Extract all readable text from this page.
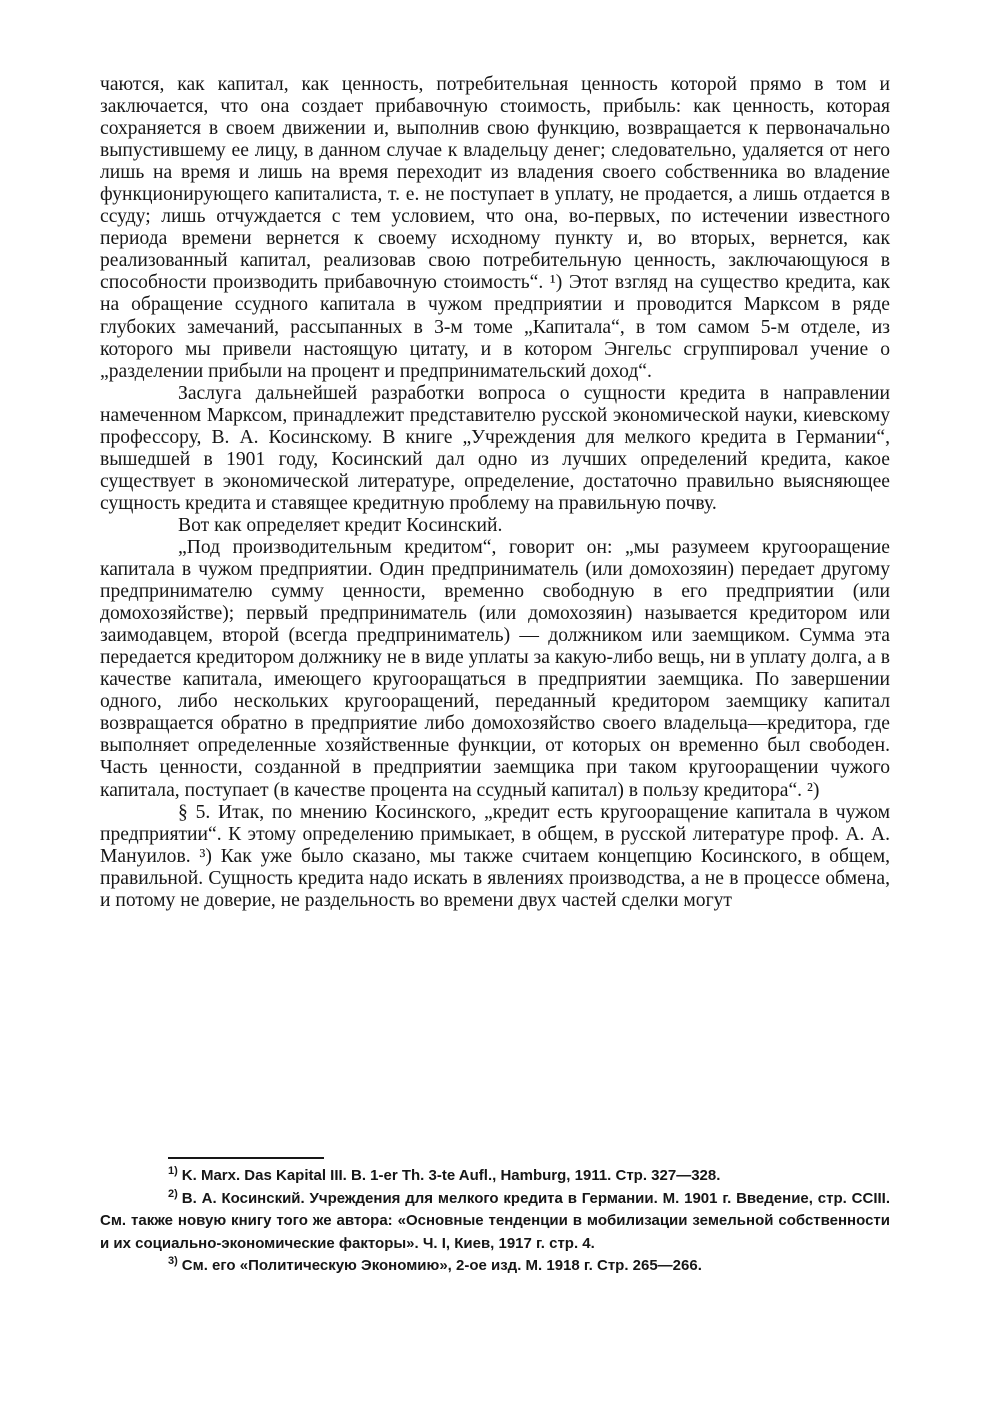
чаются, как капитал, как ценность, потребительная ценность которой прямо в том и заключается, что она создает прибавочную стоимость, прибыль: как ценность, которая сохраняется в своем движении и, выполнив свою функцию, возвращается к первоначально выпустившему ее лицу, в данном случае к владельцу денег; следовательно, удаляется от него лишь на время и лишь на время переходит из владения своего собственника во владение функционирующего капиталиста, т. е. не поступает в уплату, не продается, а лишь отдается в ссуду; лишь отчуждается с тем условием, что она, во-первых, по истечении известного периода времени вернется к своему исходному пункту и, во вторых, вернется, как реализованный капитал, реализовав свою потребительную ценность, заключающуюся в способности производить прибавочную стоимость“. ¹) Этот взгляд на существо кредита, как на обращение ссудного капитала в чужом предприятии и проводится Марксом в ряде глубоких замечаний, рассыпанных в 3-м томе „Капитала“, в том самом 5-м отделе, из которого мы привели настоящую цитату, и в котором Энгельс сгруппировал учение о „разделении прибыли на процент и предпринимательский доход“.

Заслуга дальнейшей разработки вопроса о сущности кредита в направлении намеченном Марксом, принадлежит представителю русской экономической науки, киевскому профессору, В. А. Косинскому. В книге „Учреждения для мелкого кредита в Германии“, вышедшей в 1901 году, Косинский дал одно из лучших определений кредита, какое существует в экономической литературе, определение, достаточно правильно выясняющее сущность кредита и ставящее кредитную проблему на правильную почву.

Вот как определяет кредит Косинский.

„Под производительным кредитом“, говорит он: „мы разумеем кругооращение капитала в чужом предприятии. Один предприниматель (или домохозяин) передает другому предпринимателю сумму ценности, временно свободную в его предприятии (или домохозяйстве); первый предприниматель (или домохозяин) называется кредитором или заимодавцем, второй (всегда предприниматель) — должником или заемщиком. Сумма эта передается кредитором должнику не в виде уплаты за какую-либо вещь, ни в уплату долга, а в качестве капитала, имеющего кругооращаться в предприятии заемщика. По завершении одного, либо нескольких кругооращений, переданный кредитором заемщику капитал возвращается обратно в предприятие либо домохозяйство своего владельца—кредитора, где выполняет определенные хозяйственные функции, от которых он временно был свободен. Часть ценности, созданной в предприятии заемщика при таком кругооращении чужого капитала, поступает (в качестве процента на ссудный капитал) в пользу кредитора“. ²)

§ 5. Итак, по мнению Косинского, „кредит есть кругооращение капитала в чужом предприятии“. К этому определению примыкает, в общем, в русской литературе проф. А. А. Мануилов. ³) Как уже было сказано, мы также считаем концепцию Косинского, в общем, правильной. Сущность кредита надо искать в явлениях производства, а не в процессе обмена, и потому не доверие, не раздельность во времени двух частей сделки могут

$^{1)}$ K. Marx. Das Kapital III. B. 1-er Th. 3-te Aufl., Hamburg, 1911. Стр. 327—328.

$^{2)}$ В. А. Косинский. Учреждения для мелкого кредита в Германии. М. 1901 г. Введение, стр. CCIII. См. также новую книгу того же автора: «Основные тенденции в мобилизации земельной собственности и их социально-экономические факторы». Ч. I, Киев, 1917 г. стр. 4.

$^{3)}$ См. его «Политическую Экономию», 2-ое изд. М. 1918 г. Стр. 265—266.
